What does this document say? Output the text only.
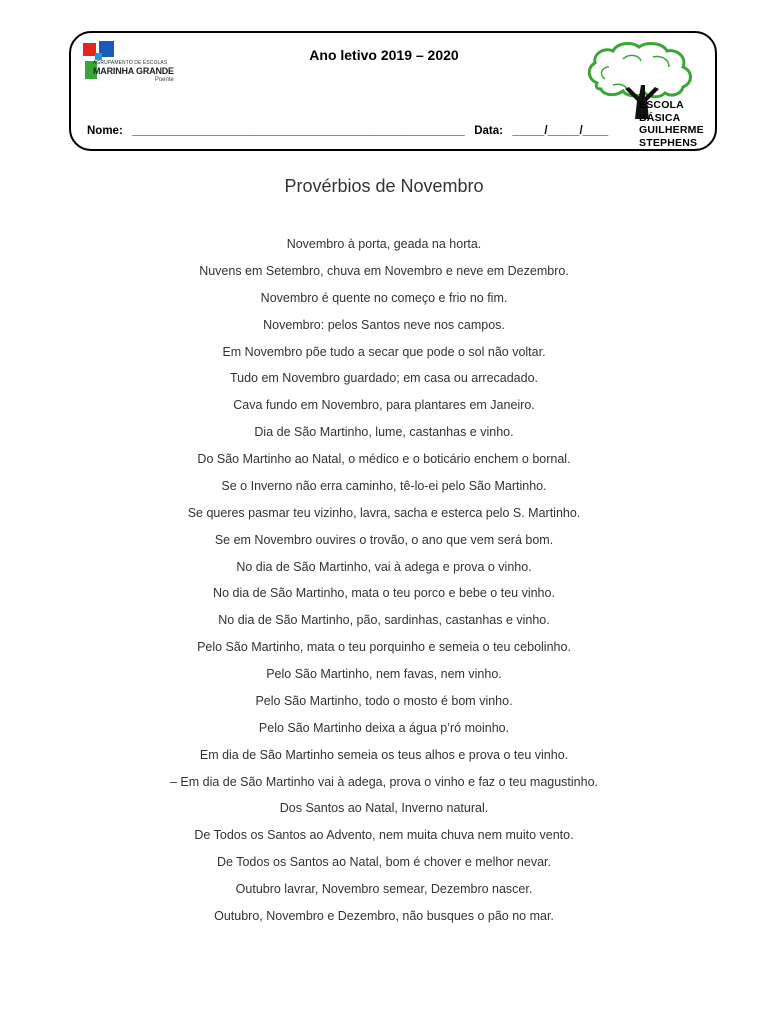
AGRUPAMENTO DE ESCOLAS
MARINHA GRANDE
Poente
Ano letivo 2019 – 2020
Nome: ____________________________________________________ Data: _____/_____/____
ESCOLA
BÁSICA
GUILHERME
STEPHENS
Provérbios de Novembro
Novembro à porta, geada na horta.
Nuvens em Setembro, chuva em Novembro e neve em Dezembro.
Novembro é quente no começo e frio no fim.
Novembro: pelos Santos neve nos campos.
Em Novembro põe tudo a secar que pode o sol não voltar.
Tudo em Novembro guardado; em casa ou arrecadado.
Cava fundo em Novembro, para plantares em Janeiro.
Dia de São Martinho, lume, castanhas e vinho.
Do São Martinho ao Natal, o médico e o boticário enchem o bornal.
Se o Inverno não erra caminho, tê-lo-ei pelo São Martinho.
Se queres pasmar teu vizinho, lavra, sacha e esterca pelo S. Martinho.
Se em Novembro ouvires o trovão, o ano que vem será bom.
No dia de São Martinho, vai à adega e prova o vinho.
No dia de São Martinho, mata o teu porco e bebe o teu vinho.
No dia de São Martinho, pão, sardinhas, castanhas e vinho.
Pelo São Martinho, mata o teu porquinho e semeia o teu cebolinho.
Pelo São Martinho, nem favas, nem vinho.
Pelo São Martinho, todo o mosto é bom vinho.
Pelo São Martinho deixa a água p’ró moinho.
Em dia de São Martinho semeia os teus alhos e prova o teu vinho.
– Em dia de São Martinho vai à adega, prova o vinho e faz o teu magustinho.
Dos Santos ao Natal, Inverno natural.
De Todos os Santos ao Advento, nem muita chuva nem muito vento.
De Todos os Santos ao Natal, bom é chover e melhor nevar.
Outubro lavrar, Novembro semear, Dezembro nascer.
Outubro, Novembro e Dezembro, não busques o pão no mar.
